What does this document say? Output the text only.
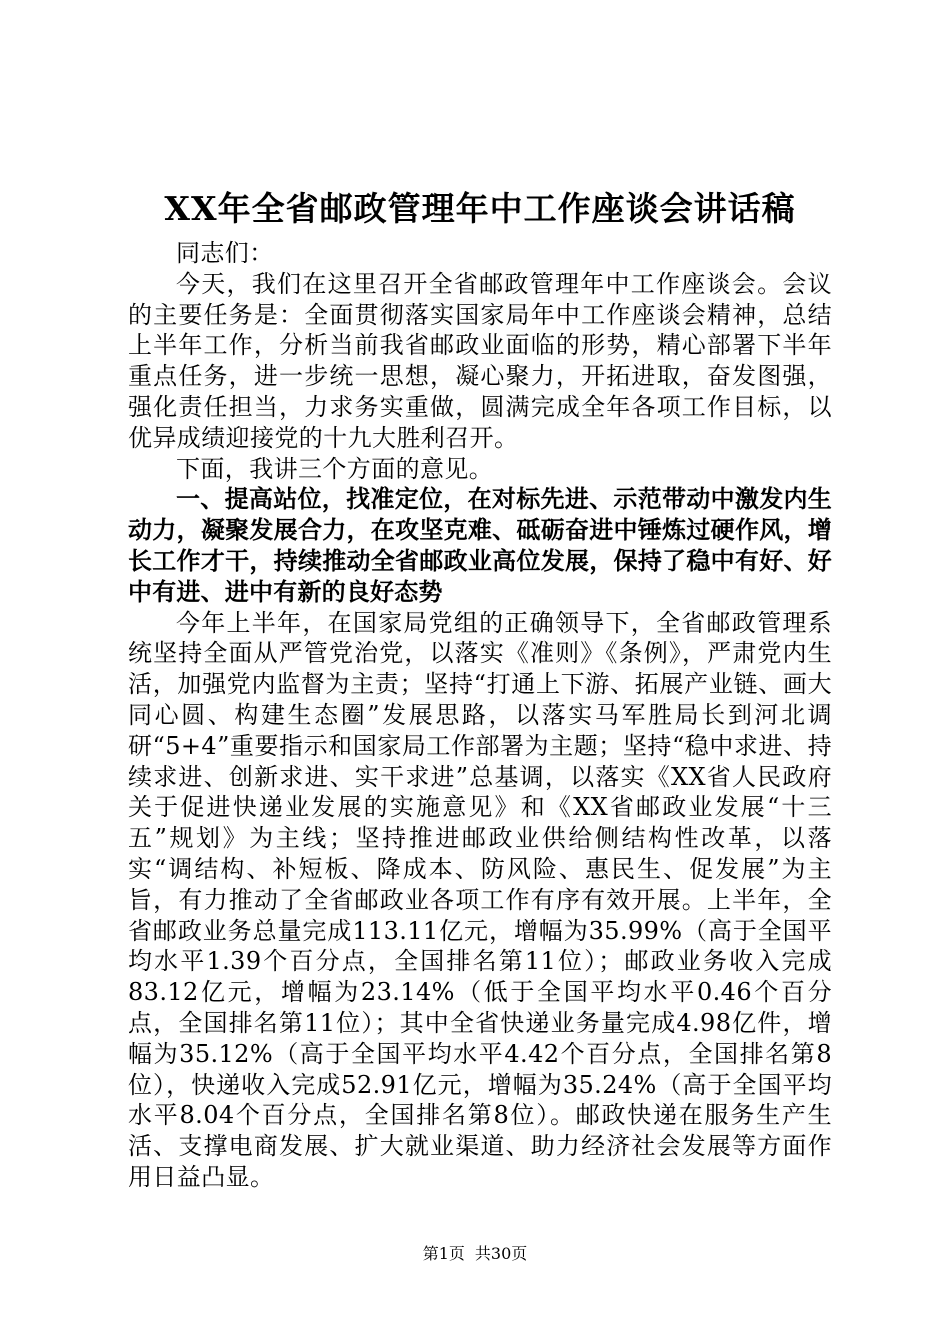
XX年全省邮政管理年中工作座谈会讲话稿

同志们：

今天，我们在这里召开全省邮政管理年中工作座谈会。会议的主要任务是：全面贯彻落实国家局年中工作座谈会精神，总结上半年工作，分析当前我省邮政业面临的形势，精心部署下半年重点任务，进一步统一思想，凝心聚力，开拓进取，奋发图强，强化责任担当，力求务实重做，圆满完成全年各项工作目标，以优异成绩迎接党的十九大胜利召开。

下面，我讲三个方面的意见。

一、提高站位，找准定位，在对标先进、示范带动中激发内生动力，凝聚发展合力，在攻坚克难、砥砺奋进中锤炼过硬作风，增长工作才干，持续推动全省邮政业高位发展，保持了稳中有好、好中有进、进中有新的良好态势

今年上半年，在国家局党组的正确领导下，全省邮政管理系统坚持全面从严管党治党，以落实《准则》《条例》，严肃党内生活，加强党内监督为主责；坚持“打通上下游、拓展产业链、画大同心圆、构建生态圈”发展思路，以落实马军胜局长到河北调研“5+4”重要指示和国家局工作部署为主题；坚持“稳中求进、持续求进、创新求进、实干求进”总基调，以落实《XX省人民政府关于促进快递业发展的实施意见》和《XX省邮政业发展“十三五”规划》为主线；坚持推进邮政业供给侧结构性改革，以落实“调结构、补短板、降成本、防风险、惠民生、促发展”为主旨，有力推动了全省邮政业各项工作有序有效开展。上半年，全省邮政业务总量完成113.11亿元，增幅为35.99%（高于全国平均水平1.39个百分点，全国排名第11位）；邮政业务收入完成83.12亿元，增幅为23.14%（低于全国平均水平0.46个百分点，全国排名第11位）；其中全省快递业务量完成4.98亿件，增幅为35.12%（高于全国平均水平4.42个百分点，全国排名第8位），快递收入完成52.91亿元，增幅为35.24%（高于全国平均水平8.04个百分点，全国排名第8位）。邮政快递在服务生产生活、支撑电商发展、扩大就业渠道、助力经济社会发展等方面作用日益凸显。

第1页 共30页
